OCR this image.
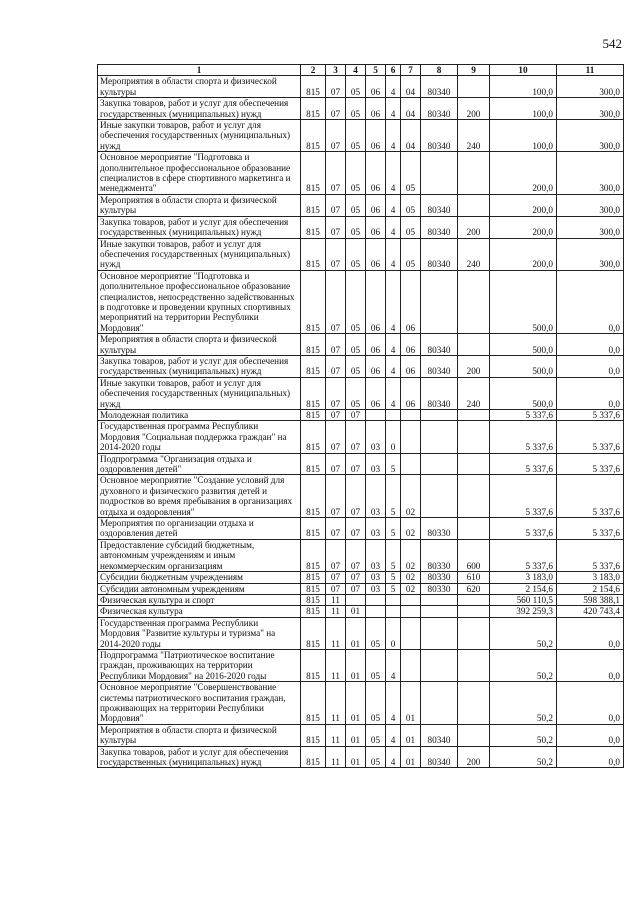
542
1	2	3	4	5	6	7	8	9	10	11
Мероприятия в области спорта и физической культуры	815	07	05	06	4	04	80340		100,0	300,0
Закупка товаров, работ и услуг для обеспечения государственных (муниципальных) нужд	815	07	05	06	4	04	80340	200	100,0	300,0
Иные закупки товаров, работ и услуг для обеспечения государственных (муниципальных) нужд	815	07	05	06	4	04	80340	240	100,0	300,0
Основное мероприятие "Подготовка и дополнительное профессиональное образование специалистов в сфере спортивного маркетинга и менеджмента"	815	07	05	06	4	05			200,0	300,0
Мероприятия в области спорта и физической культуры	815	07	05	06	4	05	80340		200,0	300,0
Закупка товаров, работ и услуг для обеспечения государственных (муниципальных) нужд	815	07	05	06	4	05	80340	200	200,0	300,0
Иные закупки товаров, работ и услуг для обеспечения государственных (муниципальных) нужд	815	07	05	06	4	05	80340	240	200,0	300,0
Основное мероприятие "Подготовка и дополнительное профессиональное образование специалистов, непосредственно задействованных в подготовке и проведении крупных спортивных мероприятий на территории Республики Мордовия"	815	07	05	06	4	06			500,0	0,0
Мероприятия в области спорта и физической культуры	815	07	05	06	4	06	80340		500,0	0,0
Закупка товаров, работ и услуг для обеспечения государственных (муниципальных) нужд	815	07	05	06	4	06	80340	200	500,0	0,0
Иные закупки товаров, работ и услуг для обеспечения государственных (муниципальных) нужд	815	07	05	06	4	06	80340	240	500,0	0,0
Молодежная политика	815	07	07						5 337,6	5 337,6
Государственная программа Республики Мордовия "Социальная поддержка граждан" на 2014-2020 годы	815	07	07	03	0				5 337,6	5 337,6
Подпрограмма "Организация отдыха и оздоровления детей"	815	07	07	03	5				5 337,6	5 337,6
Основное мероприятие "Создание условий для духовного и физического развития детей и подростков во время пребывания в организациях отдыха и оздоровления"	815	07	07	03	5	02			5 337,6	5 337,6
Мероприятия по организации отдыха и оздоровления детей	815	07	07	03	5	02	80330		5 337,6	5 337,6
Предоставление субсидий бюджетным, автономным учреждениям и иным некоммерческим организациям	815	07	07	03	5	02	80330	600	5 337,6	5 337,6
Субсидии бюджетным учреждениям	815	07	07	03	5	02	80330	610	3 183,0	3 183,0
Субсидии автономным учреждениям	815	07	07	03	5	02	80330	620	2 154,6	2 154,6
Физическая культура и спорт	815	11							560 110,5	598 388,1
Физическая культура	815	11	01						392 259,3	420 743,4
Государственная программа Республики Мордовия "Развитие культуры и туризма" на 2014-2020 годы	815	11	01	05	0				50,2	0,0
Подпрограмма "Патриотическое воспитание граждан, проживающих на территории Республики Мордовия" на 2016-2020 годы	815	11	01	05	4				50,2	0,0
Основное мероприятие "Совершенствование системы патриотического воспитания граждан, проживающих на территории Республики Мордовия"	815	11	01	05	4	01			50,2	0,0
Мероприятия в области спорта и физической культуры	815	11	01	05	4	01	80340		50,2	0,0
Закупка товаров, работ и услуг для обеспечения государственных (муниципальных) нужд	815	11	01	05	4	01	80340	200	50,2	0,0
